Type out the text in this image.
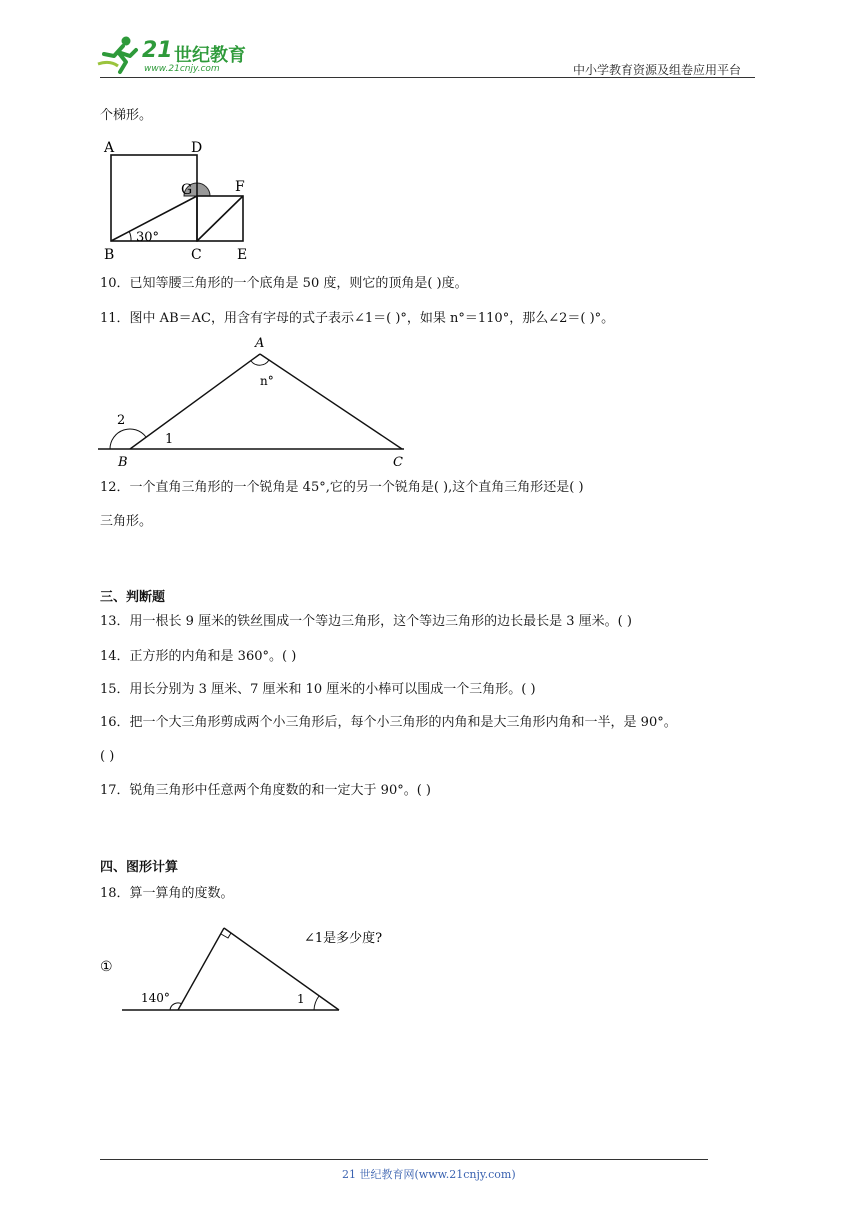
21 世纪教育
www.21cnjy.com	中小学教育资源及组卷应用平台
个梯形。
A	D
G	F
B	C	E
30°
10．已知等腰三角形的一个底角是 50 度，则它的顶角是( )度。
11．图中 AB＝AC，用含有字母的式子表示∠1＝( )°，如果 n°＝110°，那么∠2＝( )°。
A
n°
2
1
B	C
12．一个直角三角形的一个锐角是 45°,它的另一个锐角是( ),这个直角三角形还是( )
三角形。
三、判断题
13．用一根长 9 厘米的铁丝围成一个等边三角形，这个等边三角形的边长最长是 3 厘米。( )
14．正方形的内角和是 360°。( )
15．用长分别为 3 厘米、7 厘米和 10 厘米的小棒可以围成一个三角形。( )
16．把一个大三角形剪成两个小三角形后，每个小三角形的内角和是大三角形内角和一半，是 90°。
( )
17．锐角三角形中任意两个角度数的和一定大于 90°。( )
四、图形计算
18．算一算角的度数。
①
∠1是多少度?
140°	1
21 世纪教育网(www.21cnjy.com)
